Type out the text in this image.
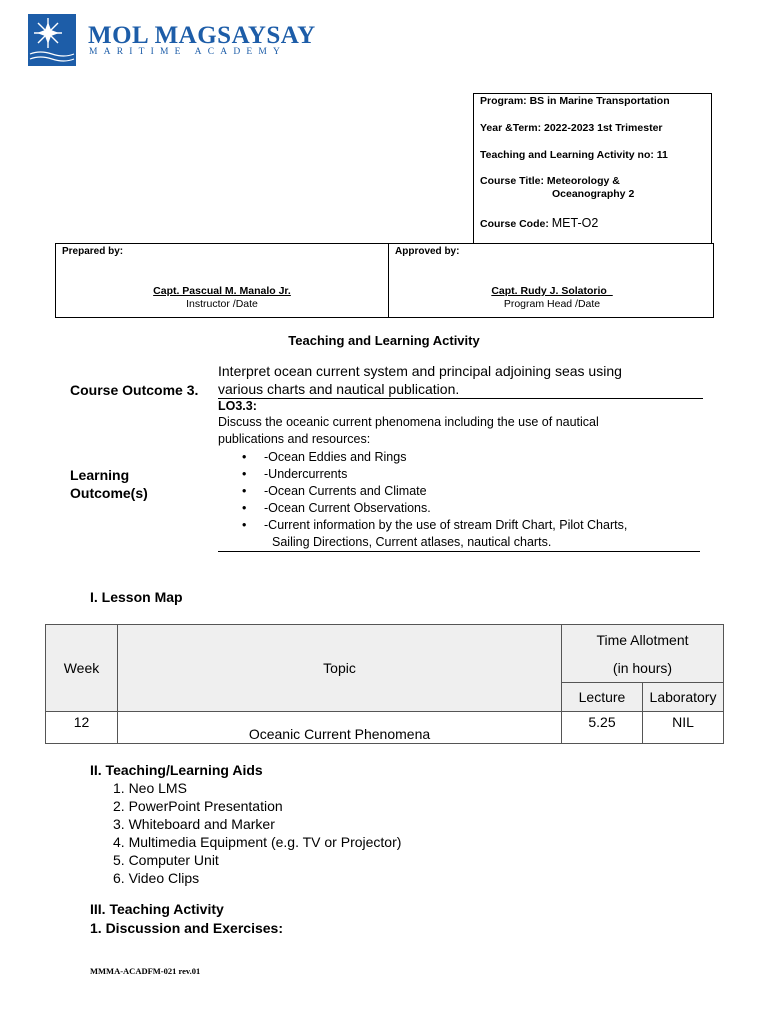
MOL MAGSAYSAY
MARITIME ACADEMY
Program: BS in Marine Transportation
Year &Term: 2022-2023 1st Trimester
Teaching and Learning Activity no: 11
Course Title: Meteorology &
Oceanography 2
Course Code: MET-O2
Prepared by:
Capt. Pascual M. Manalo Jr.
Instructor /Date
Approved by:
Capt. Rudy J. Solatorio_
Program Head /Date
Teaching and Learning Activity
Course Outcome 3.
Interpret ocean current system and principal adjoining seas using
various charts and nautical publication.
Learning
Outcome(s)
LO3.3:
Discuss the oceanic current phenomena including the use of nautical
publications and resources:
• -Ocean Eddies and Rings
• -Undercurrents
• -Ocean Currents and Climate
• -Ocean Current Observations.
• -Current information by the use of stream Drift Chart, Pilot Charts,
Sailing Directions, Current atlases, nautical charts.
I. Lesson Map
Week	Topic	Time Allotment
(in hours)	

		Lecture	Laboratory
12	Oceanic Current Phenomena	5.25	NIL
II. Teaching/Learning Aids
1. Neo LMS
2. PowerPoint Presentation
3. Whiteboard and Marker
4. Multimedia Equipment (e.g. TV or Projector)
5. Computer Unit
6. Video Clips
III. Teaching Activity
1. Discussion and Exercises:
MMMA-ACADFM-021 rev.01
